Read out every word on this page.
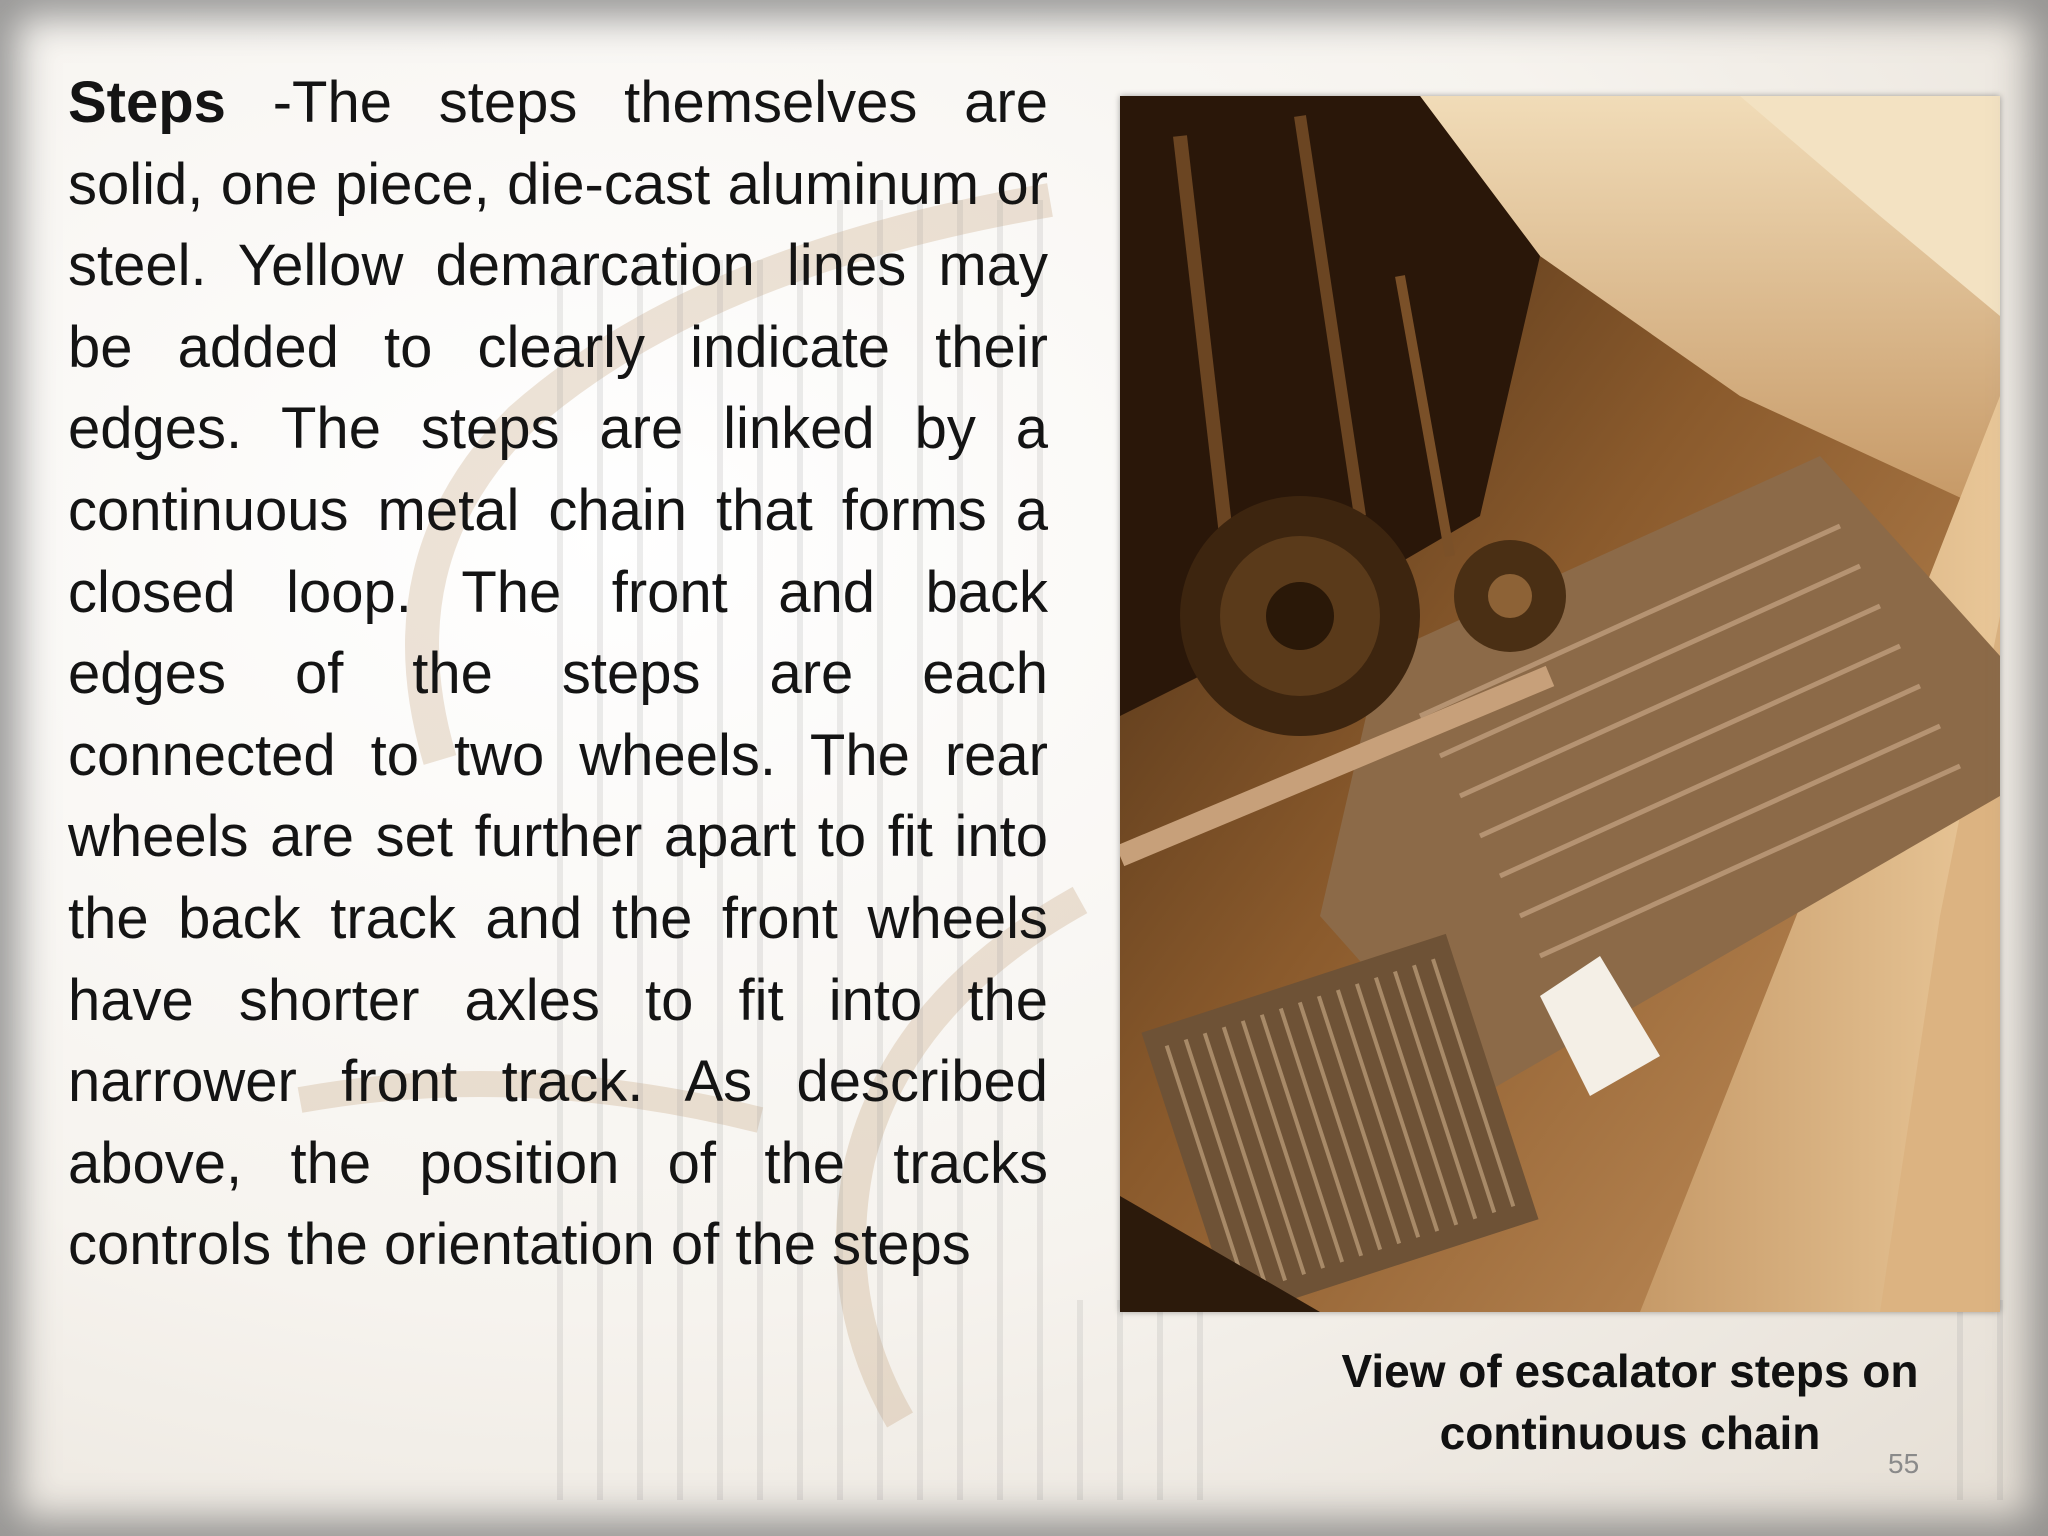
Steps -The steps themselves are solid, one piece, die-cast aluminum or steel. Yellow demarcation lines may be added to clearly indicate their edges. The steps are linked by a continuous metal chain that forms a closed loop. The front and back edges of the steps are each connected to two wheels. The rear wheels are set further apart to fit into the back track and the front wheels have shorter axles to fit into the narrower front track. As described above, the position of the tracks controls the orientation of the steps
View of escalator steps on
continuous chain
55
